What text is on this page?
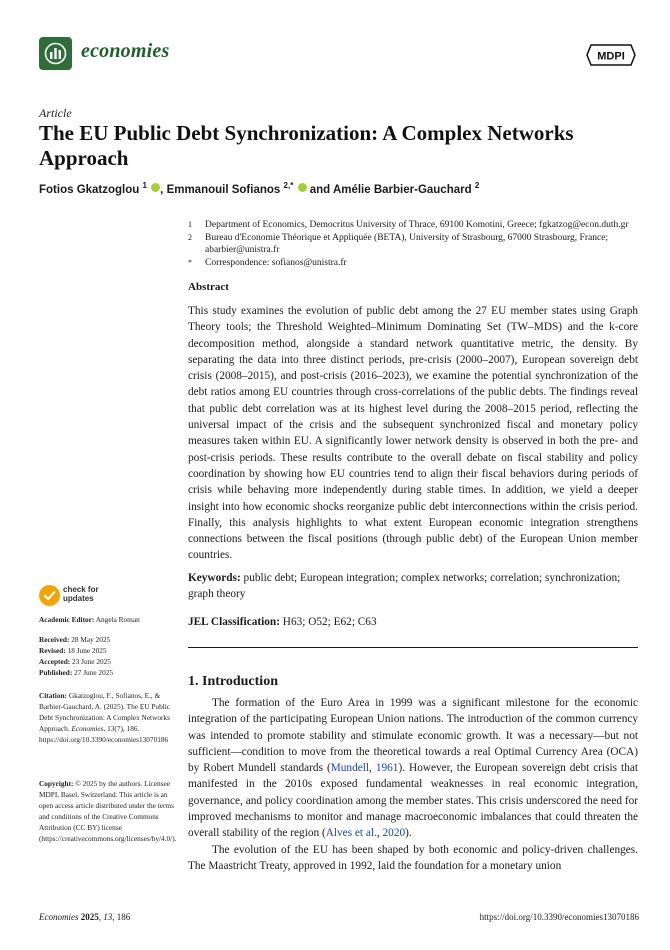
economies	MDPI
Article
The EU Public Debt Synchronization: A Complex Networks Approach
Fotios Gkatzoglou $^1$ , Emmanouil Sofianos $^{2,*}$  and Amélie Barbier-Gauchard $^2$
1 Department of Economics, Democritus University of Thrace, 69100 Komotini, Greece; fgkatzog@econ.duth.gr
2 Bureau d'Economie Théorique et Appliquée (BETA), University of Strasbourg, 67000 Strasbourg, France; abarbier@unistra.fr
* Correspondence: sofianos@unistra.fr
Abstract

This study examines the evolution of public debt among the 27 EU member states using Graph Theory tools; the Threshold Weighted–Minimum Dominating Set (TW–MDS) and the k-core decomposition method, alongside a standard network quantitative metric, the density. By separating the data into three distinct periods, pre-crisis (2000–2007), European sovereign debt crisis (2008–2015), and post-crisis (2016–2023), we examine the potential synchronization of the debt ratios among EU countries through cross-correlations of the public debts. The findings reveal that public debt correlation was at its highest level during the 2008–2015 period, reflecting the universal impact of the crisis and the subsequent synchronized fiscal and monetary policy measures taken within EU. A significantly lower network density is observed in both the pre- and post-crisis periods. These results contribute to the overall debate on fiscal stability and policy coordination by showing how EU countries tend to align their fiscal behaviors during periods of crisis while behaving more independently during stable times. In addition, we yield a deeper insight into how economic shocks reorganize public debt interconnections within the crisis period. Finally, this analysis highlights to what extent European economic integration strengthens connections between the fiscal positions (through public debt) of the European Union member countries.

Keywords: public debt; European integration; complex networks; correlation; synchronization; graph theory
JEL Classification: H63; O52; E62; C63
1. Introduction

The formation of the Euro Area in 1999 was a significant milestone for the economic integration of the participating European Union nations. The introduction of the common currency was intended to promote stability and stimulate economic growth. It was a necessary—but not sufficient—condition to move from the theoretical towards a real Optimal Currency Area (OCA) by Robert Mundell standards (Mundell, 1961). However, the European sovereign debt crisis that manifested in the 2010s exposed fundamental weaknesses in real economic integration, governance, and policy coordination among the member states. This crisis underscored the need for improved mechanisms to monitor and manage macroeconomic imbalances that could threaten the overall stability of the region (Alves et al., 2020).

The evolution of the EU has been shaped by both economic and policy-driven challenges. The Maastricht Treaty, approved in 1992, laid the foundation for a monetary union

check for
updates
Academic Editor: Angela Roman
Received: 28 May 2025
Revised: 18 June 2025
Accepted: 23 June 2025
Published: 27 June 2025
Citation: Gkatzoglou, F., Sofianos, E., & Barbier-Gauchard, A. (2025). The EU Public Debt Synchronization: A Complex Networks Approach. Economies, 13(7), 186. https://doi.org/10.3390/economies13070186
Copyright: © 2025 by the authors. Licensee MDPI, Basel, Switzerland. This article is an open access article distributed under the terms and conditions of the Creative Commons Attribution (CC BY) license (https://creativecommons.org/licenses/by/4.0/).
Economies 2025, 13, 186	https://doi.org/10.3390/economies13070186
